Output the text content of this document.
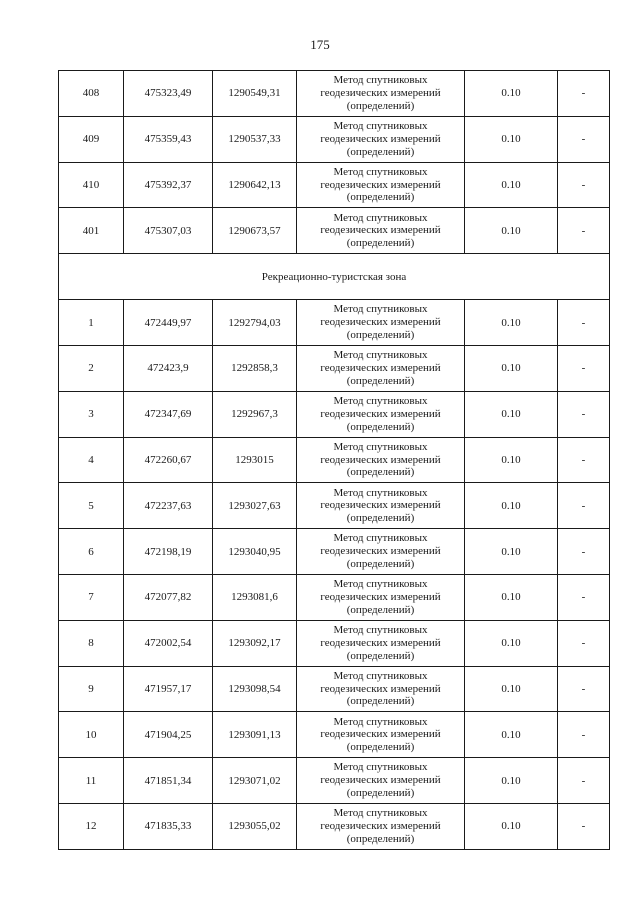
175
408	475323,49	1290549,31	Метод спутниковых
геодезических измерений
(определений)	0.10	-
409	475359,43	1290537,33	Метод спутниковых
геодезических измерений
(определений)	0.10	-
410	475392,37	1290642,13	Метод спутниковых
геодезических измерений
(определений)	0.10	-
401	475307,03	1290673,57	Метод спутниковых
геодезических измерений
(определений)	0.10	-
Рекреационно-туристская зона					
1	472449,97	1292794,03	Метод спутниковых
геодезических измерений
(определений)	0.10	-
2	472423,9	1292858,3	Метод спутниковых
геодезических измерений
(определений)	0.10	-
3	472347,69	1292967,3	Метод спутниковых
геодезических измерений
(определений)	0.10	-
4	472260,67	1293015	Метод спутниковых
геодезических измерений
(определений)	0.10	-
5	472237,63	1293027,63	Метод спутниковых
геодезических измерений
(определений)	0.10	-
6	472198,19	1293040,95	Метод спутниковых
геодезических измерений
(определений)	0.10	-
7	472077,82	1293081,6	Метод спутниковых
геодезических измерений
(определений)	0.10	-
8	472002,54	1293092,17	Метод спутниковых
геодезических измерений
(определений)	0.10	-
9	471957,17	1293098,54	Метод спутниковых
геодезических измерений
(определений)	0.10	-
10	471904,25	1293091,13	Метод спутниковых
геодезических измерений
(определений)	0.10	-
11	471851,34	1293071,02	Метод спутниковых
геодезических измерений
(определений)	0.10	-
12	471835,33	1293055,02	Метод спутниковых
геодезических измерений
(определений)	0.10	-
